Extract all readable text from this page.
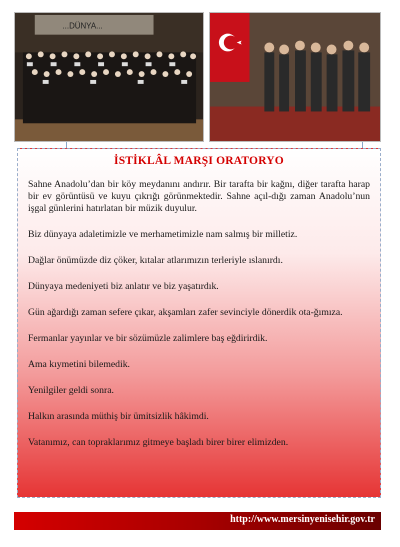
...DÜNYA...
İSTİKLÂL MARŞI ORATORYO

Sahne Anadolu’dan bir köy meydanını andırır. Bir tarafta bir kağnı, diğer tarafta harap bir ev görüntüsü ve kuyu çıkrığı görünmektedir. Sahne açıl-dığı zaman Anadolu’nun işgal günlerini hatırlatan bir müzik duyulur.

Biz dünyaya adaletimizle ve merhametimizle nam salmış bir milletiz.

Dağlar önümüzde diz çöker, kıtalar atlarımızın terleriyle ıslanırdı.

Dünyaya medeniyeti biz anlatır ve biz yaşatırdık.

Gün ağardığı zaman sefere çıkar, akşamları zafer sevinciyle dönerdik ota-ğımıza.

Fermanlar yayınlar ve bir sözümüzle zalimlere baş eğdirirdik.

Ama kıymetini bilemedik.

Yenilgiler geldi sonra.

Halkın arasında müthiş bir ümitsizlik hâkimdi.

Vatanımız, can topraklarımız gitmeye başladı birer birer elimizden.

http://www.mersinyenisehir.gov.tr
